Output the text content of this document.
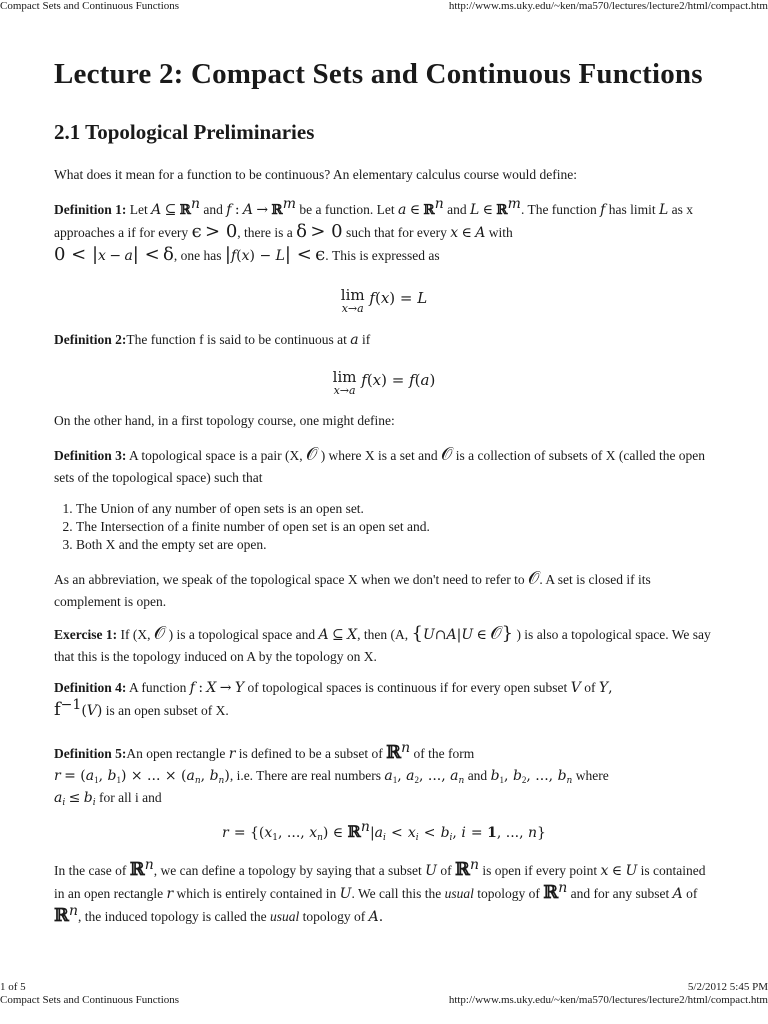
Compact Sets and Continuous Functions	http://www.ms.uky.edu/~ken/ma570/lectures/lecture2/html/compact.htm
Lecture 2: Compact Sets and Continuous Functions
2.1 Topological Preliminaries

What does it mean for a function to be continuous? An elementary calculus course would define:

Definition 1: Let A ⊆ ℝ$^n$ and f : A → ℝ$^m$ be a function. Let a ∈ ℝ$^n$ and L ∈ ℝ$^m$. The function f has limit L as x approaches a if for every ϵ > 0, there is a δ > 0 such that for every x ∈ A with
0 < |x − a| < δ, one has |f(x) − L| < ϵ. This is expressed as

lim
x→a
f(x) = L

Definition 2:The function f is said to be continuous at a if

lim
x→a
f(x) = f(a)

On the other hand, in a first topology course, one might define:

Definition 3: A topological space is a pair (X, 𝒪 ) where X is a set and 𝒪 is a collection of subsets of X (called the open sets of the topological space) such that

1. The Union of any number of open sets is an open set.
2. The Intersection of a finite number of open set is an open set and.
3. Both X and the empty set are open.

As an abbreviation, we speak of the topological space X when we don't need to refer to 𝒪. A set is closed if its complement is open.

Exercise 1: If (X, 𝒪 ) is a topological space and A ⊆ X, then (A, {U∩A|U ∈ 𝒪} ) is also a topological space. We say that this is the topology induced on A by the topology on X.

Definition 4: A function f : X → Y of topological spaces is continuous if for every open subset V of Y,
$f^{-1}(V)$ is an open subset of X.

Definition 5:An open rectangle r is defined to be a subset of ℝ$^n$ of the form
$r = (a_1$, $b_1$) × ... × ($a_n$, $b_n$), i.e. There are real numbers $a_1$, $a_2$, ..., $a_n$ and $b_1$, $b_2$, ..., $b_n$ where
$a_i \le b_i$ for all i and

$r = \{(x_1$, ..., $x_n$) ∈ $ℝ^n|a_i < x_i < b_i$, i = 1, ..., n}

In the case of ℝ$^n$, we can define a topology by saying that a subset U of ℝ$^n$ is open if every point x ∈ U is contained in an open rectangle r which is entirely contained in U. We call this the usual topology of ℝ$^n$ and for any subset A of ℝ$^n$, the induced topology is called the usual topology of A.

1 of 5	5/2/2012 5:45 PM
Compact Sets and Continuous Functions	http://www.ms.uky.edu/~ken/ma570/lectures/lecture2/html/compact.htm
